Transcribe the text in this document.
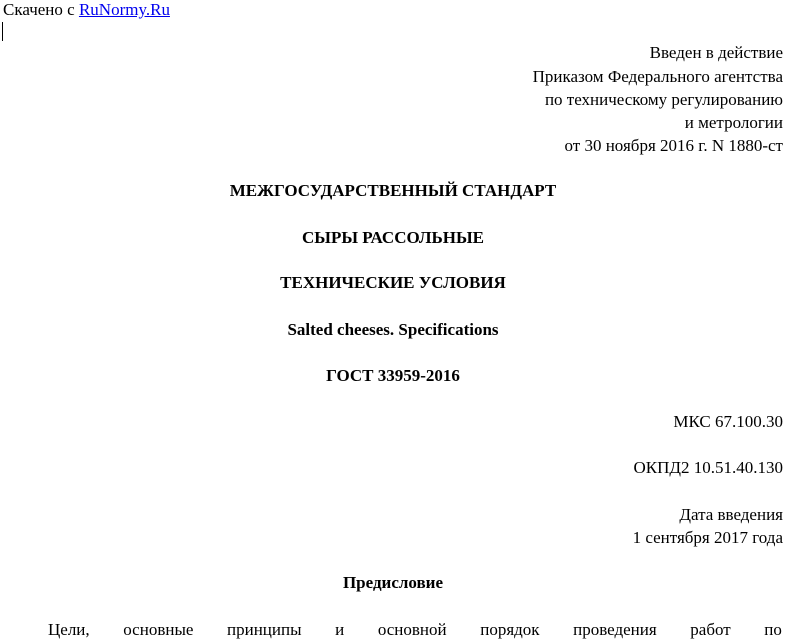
Скачено с RuNormy.Ru
Введен в действие
Приказом Федерального агентства
по техническому регулированию
и метрологии
от 30 ноября 2016 г. N 1880-ст
МЕЖГОСУДАРСТВЕННЫЙ СТАНДАРТ
СЫРЫ РАССОЛЬНЫЕ
ТЕХНИЧЕСКИЕ УСЛОВИЯ
Salted cheeses. Specifications
ГОСТ 33959-2016
МКС 67.100.30
ОКПД2 10.51.40.130
Дата введения
1 сентября 2017 года
Предисловие
Цели, основные принципы и основной порядок проведения работ по
